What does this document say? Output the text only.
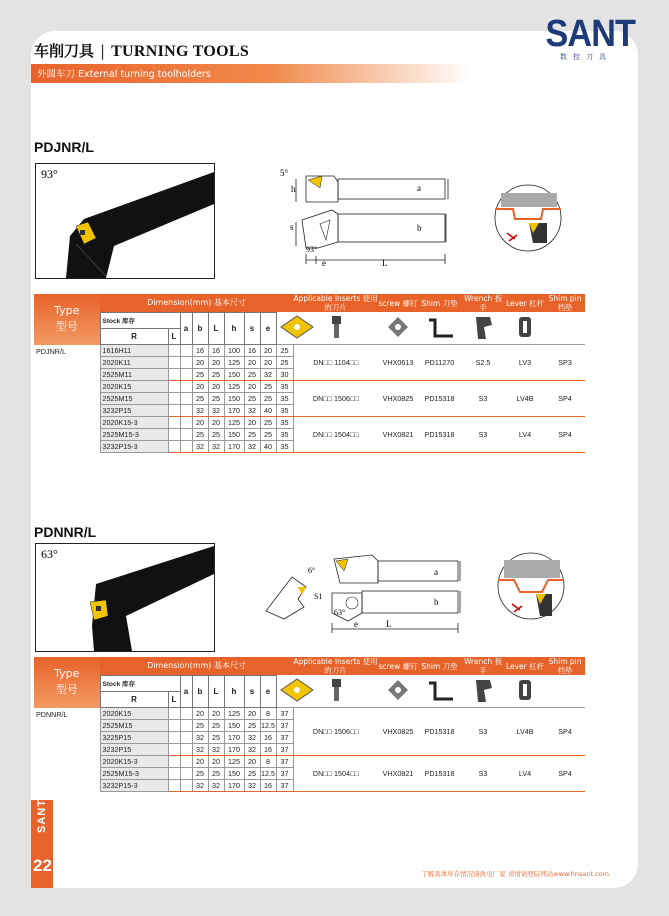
车削刀具 | TURNING TOOLS	SANT
数控刀具
外圆车刀 External turning toolholders
PDJNR/L
93°	5°
h
s
93°
e	L
a
b
Type
型号	Dimension(mm) 基本尺寸									Applicable Inserts 使用的刀片	screw 螺钉	Shim 刀垫	Wrench 扳手	Lever 杠杆	Shim pin 档垫
	Stock 库存		a	b	L	h	s	e						
	R	L													
PDJNR/L	1616H11			16	16	100	16	20	25	DN□□ 1104□□	VHX0613	PD11270	S2.5	LV3	SP3
	2020K11			20	20	125	20	20	25						
	2525M11			25	25	150	25	32	30						
	2020K15			20	20	125	20	25	35	DN□□ 1506□□	VHX0825	PD15318	S3	LV4B	SP4
	2525M15			25	25	150	25	25	35						
	3232P15			32	32	170	32	40	35						
	2020K15-3			20	20	125	20	25	35	DN□□ 1504□□	VHX0821	PD15318	S3	LV4	SP4
	2525M15-3			25	25	150	25	25	35						
	3232P15-3			32	32	170	32	40	35						
PDNNR/L
63°
6°
S1
63°
e	L
a
b
Type
型号	Dimension(mm) 基本尺寸									Applicable Inserts 使用的刀片	screw 螺钉	Shim 刀垫	Wrench 扳手	Lever 杠杆	Shim pin 档垫
	Stock 库存		a	b	L	h	s	e						
	R	L													
PDNNR/L	2020K15			20	20	125	20	8	37	DN□□ 1506□□	VHX0825	PD15318	S3	LV4B	SP4
	2525M15			25	25	150	25	12.5	37						
	3225P15			32	25	170	32	16	37						
	3232P15			32	32	170	32	16	37						
	2020K15-3			20	20	125	20	8	37	DN□□ 1504□□	VHX0821	PD15318	S3	LV4	SP4
	2525M15-3			25	25	150	25	12.5	37						
	3232P15-3			32	32	170	32	16	37						
SANT
22	了解具体库存情况请致电厂家 详情请登陆网站www.hnsant.com
